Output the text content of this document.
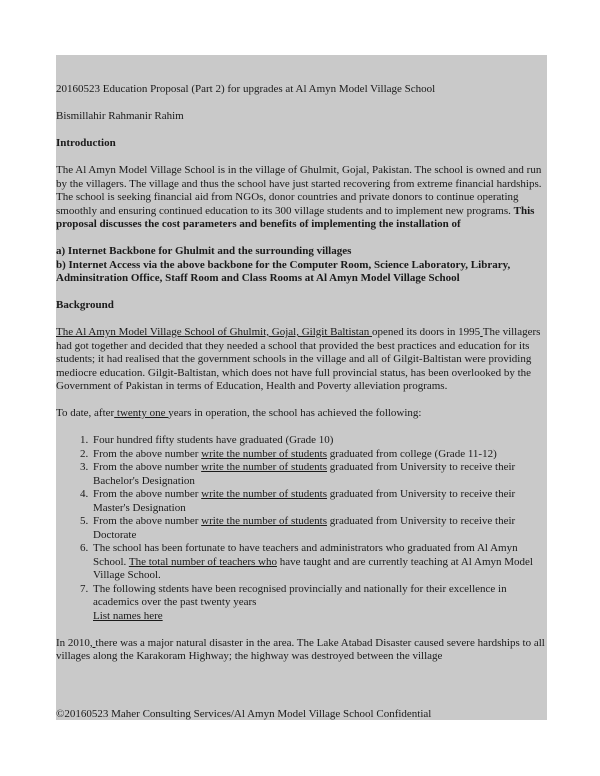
20160523 Education Proposal (Part 2) for upgrades at Al Amyn Model Village School

Bismillahir Rahmanir Rahim

Introduction

The Al Amyn Model Village School is in the village of Ghulmit, Gojal, Pakistan. The school is owned and run by the villagers. The village and thus the school have just started recovering from extreme financial hardships. The school is seeking financial aid from NGOs, donor countries and private donors to continue operating smoothly and ensuring continued education to its 300 village students and to implement new programs. This proposal discusses the cost parameters and benefits of implementing the installation of

a) Internet Backbone for Ghulmit and the surrounding villages
b) Internet Access via the above backbone for the Computer Room, Science Laboratory, Library, Adminsitration Office, Staff Room and Class Rooms at Al Amyn Model Village School

Background

The Al Amyn Model Village School of Ghulmit, Gojal, Gilgit Baltistan opened its doors in 1995 The villagers had got together and decided that they needed a school that provided the best practices and education for its students; it had realised that the government schools in the village and all of Gilgit-Baltistan were providing mediocre education. Gilgit-Baltistan, which does not have full provincial status, has been overlooked by the Government of Pakistan in terms of Education, Health and Poverty alleviation programs.

To date, after twenty one years in operation, the school has achieved the following:

1. Four hundred fifty students have graduated (Grade 10)
2. From the above number write the number of students graduated from college (Grade 11-12)
3. From the above number write the number of students graduated from University to receive their Bachelor's Designation
4. From the above number write the number of students graduated from University to receive their Master's Designation
5. From the above number write the number of students graduated from University to receive their Doctorate
6. The school has been fortunate to have teachers and administrators who graduated from Al Amyn School. The total number of teachers who have taught and are currently teaching at Al Amyn Model Village School.
7. The following stdents have been recognised provincially and nationally for their excellence in academics over the past twenty years
List names here

In 2010, there was a major natural disaster in the area. The Lake Atabad Disaster caused severe hardships to all villages along the Karakoram Highway; the highway was destroyed between the village

©20160523 Maher Consulting Services/Al Amyn Model Village School Confidential
